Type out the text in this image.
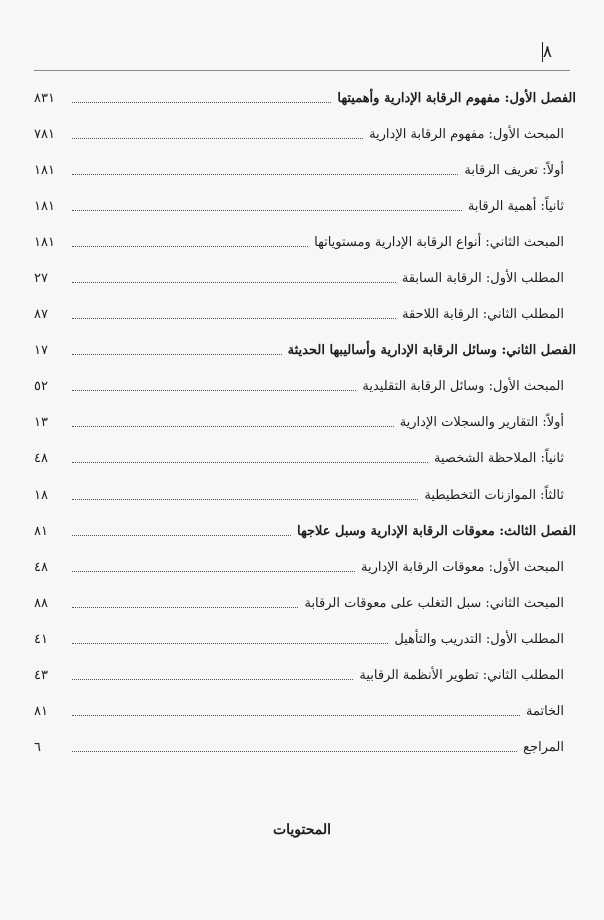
٨
الفصل الأول: مفهوم الرقابة الإدارية وأهميتها
٨٣١
المبحث الأول: مفهوم الرقابة الإدارية
٧٨١
أولاً: تعريف الرقابة
١٨١
ثانياً: أهمية الرقابة
١٨١
المبحث الثاني: أنواع الرقابة الإدارية ومستوياتها
١٨١
المطلب الأول: الرقابة السابقة
٢٧
المطلب الثاني: الرقابة اللاحقة
٨٧
الفصل الثاني: وسائل الرقابة الإدارية وأساليبها الحديثة
١٧
المبحث الأول: وسائل الرقابة التقليدية
٥٢
أولاً: التقارير والسجلات الإدارية
١٣
ثانياً: الملاحظة الشخصية
٤٨
ثالثاً: الموازنات التخطيطية
١٨
الفصل الثالث: معوقات الرقابة الإدارية وسبل علاجها
٨١
المبحث الأول: معوقات الرقابة الإدارية
٤٨
المبحث الثاني: سبل التغلب على معوقات الرقابة
٨٨
المطلب الأول: التدريب والتأهيل
٤١
المطلب الثاني: تطوير الأنظمة الرقابية
٤٣
الخاتمة
٨١
المراجع
٦
المحتويات
